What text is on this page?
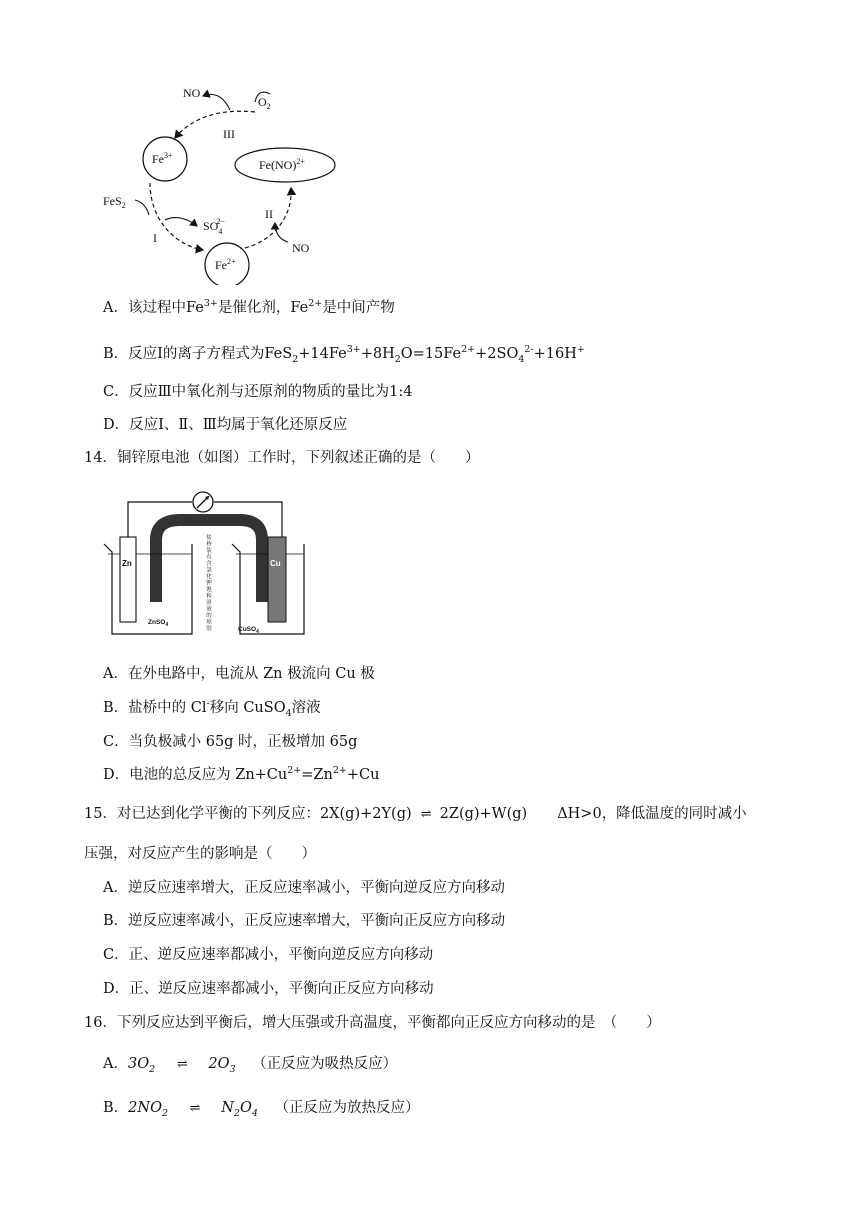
$Fe^{3+}$
$Fe^{2+}$
Fe(NO)$^{2+}$
NO
$O_2$
III
II
I
FeS$_2$
$SO_42-$
NO
A．该过程中$Fe^{3+}$是催化剂，$Fe^{2+}$是中间产物
B．反应I的离子方程式为$FeS_2+14Fe^{3+}+8H_2O=15Fe^{2+}+2SO_4^{2-}+16H^+$
C．反应Ⅲ中氧化剂与还原剂的物质的量比为1:4
D．反应Ⅰ、Ⅱ、Ⅲ均属于氧化还原反应
14．铜锌原电池（如图）工作时，下列叙述正确的是（　　）
Zn	Cu
ZnSO$_4$
CuSO$_4$
盐桥装有含氯化钾饱和溶液的琼胶
A．在外电路中，电流从 Zn 极流向 Cu 极
B．盐桥中的 Cl-移向 CuSO$_4$溶液
C．当负极减小 65g 时，正极增加 65g
D．电池的总反应为 $Zn+Cu^{2+}=Zn^{2+}+Cu$
15．对已达到化学平衡的下列反应：2X(g)+2Y(g) ⇌ 2Z(g)+W(g) ΔH>0，降低温度的同时减小
压强，对反应产生的影响是（　　）
A．逆反应速率增大，正反应速率减小，平衡向逆反应方向移动
B．逆反应速率减小，正反应速率增大，平衡向正反应方向移动
C．正、逆反应速率都减小，平衡向逆反应方向移动
D．正、逆反应速率都减小，平衡向正反应方向移动
16．下列反应达到平衡后，增大压强或升高温度，平衡都向正反应方向移动的是　（　　）
A．$3O_2$ ⇌ $2O_3$ （正反应为吸热反应）
B．$2NO_2$ ⇌ $N_2O_4$ （正反应为放热反应）
